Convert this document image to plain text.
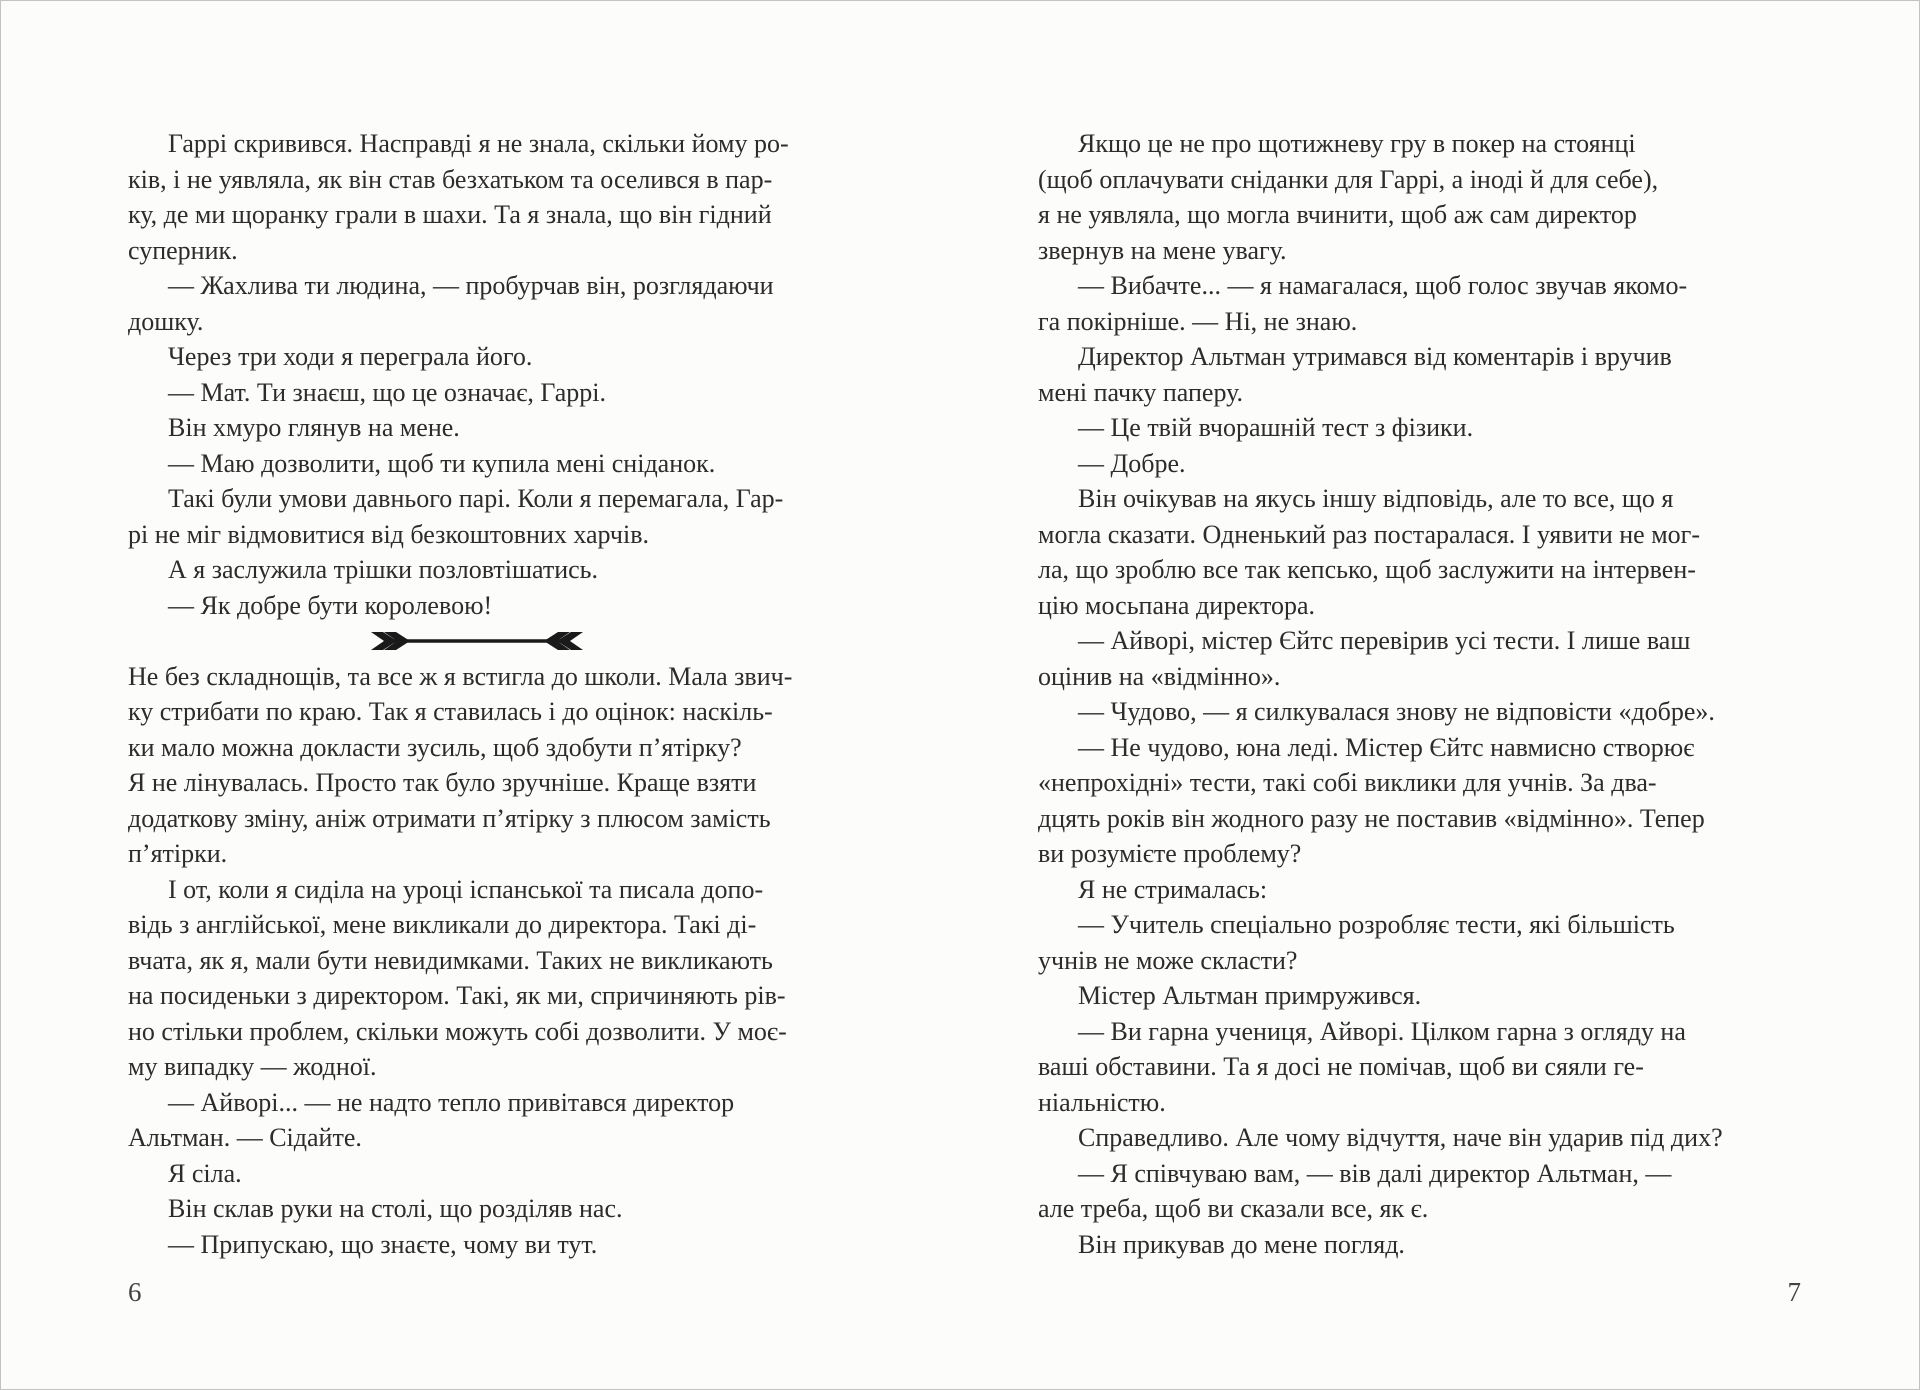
Гаррі скривився. Насправді я не знала, скільки йому ро-
ків, і не уявляла, як він став безхатьком та оселився в пар-
ку, де ми щоранку грали в шахи. Та я знала, що він гідний
суперник.
— Жахлива ти людина, — пробурчав він, розглядаючи
дошку.
Через три ходи я переграла його.
— Мат. Ти знаєш, що це означає, Гаррі.
Він хмуро глянув на мене.
— Маю дозволити, щоб ти купила мені сніданок.
Такі були умови давнього парі. Коли я перемагала, Гар-
рі не міг відмовитися від безкоштовних харчів.
А я заслужила трішки позловтішатись.
— Як добре бути королевою!
Не без складнощів, та все ж я встигла до школи. Мала звич-
ку стрибати по краю. Так я ставилась і до оцінок: наскіль-
ки мало можна докласти зусиль, щоб здобути п’ятірку?
Я не лінувалась. Просто так було зручніше. Краще взяти
додаткову зміну, аніж отримати п’ятірку з плюсом замість
п’ятірки.
І от, коли я сиділа на уроці іспанської та писала допо-
відь з англійської, мене викликали до директора. Такі ді-
вчата, як я, мали бути невидимками. Таких не викликають
на посиденьки з директором. Такі, як ми, спричиняють рів-
но стільки проблем, скільки можуть собі дозволити. У моє-
му випадку — жодної.
— Айворі... — не надто тепло привітався директор
Альтман. — Сідайте.
Я сіла.
Він склав руки на столі, що розділяв нас.
— Припускаю, що знаєте, чому ви тут.
Якщо це не про щотижневу гру в покер на стоянці
(щоб оплачувати сніданки для Гаррі, а іноді й для себе),
я не уявляла, що могла вчинити, щоб аж сам директор
звернув на мене увагу.
— Вибачте... — я намагалася, щоб голос звучав якомо-
га покірніше. — Ні, не знаю.
Директор Альтман утримався від коментарів і вручив
мені пачку паперу.
— Це твій вчорашній тест з фізики.
— Добре.
Він очікував на якусь іншу відповідь, але то все, що я
могла сказати. Одненький раз постаралася. І уявити не мог-
ла, що зроблю все так кепсько, щоб заслужити на інтервен-
цію мосьпана директора.
— Айворі, містер Єйтс перевірив усі тести. І лише ваш
оцінив на «відмінно».
— Чудово, — я силкувалася знову не відповісти «добре».
— Не чудово, юна леді. Містер Єйтс навмисно створює
«непрохідні» тести, такі собі виклики для учнів. За два-
дцять років він жодного разу не поставив «відмінно». Тепер
ви розумієте проблему?
Я не стрималась:
— Учитель спеціально розробляє тести, які більшість
учнів не може скласти?
Містер Альтман примружився.
— Ви гарна учениця, Айворі. Цілком гарна з огляду на
ваші обставини. Та я досі не помічав, щоб ви сяяли ге-
ніальністю.
Справедливо. Але чому відчуття, наче він ударив під дих?
— Я співчуваю вам, — вів далі директор Альтман, —
але треба, щоб ви сказали все, як є.
Він прикував до мене погляд.
6	7
